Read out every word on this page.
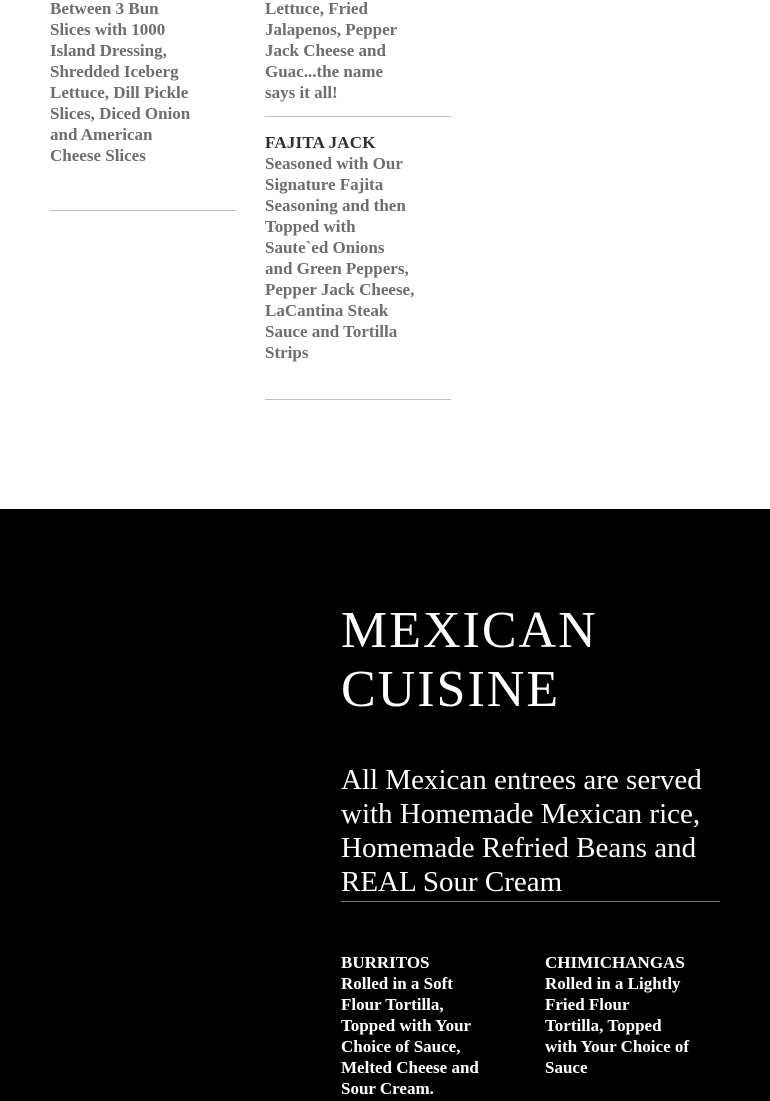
Between 3 Bun Slices with 1000 Island Dressing, Shredded Iceberg Lettuce, Dill Pickle Slices, Diced Onion and American Cheese Slices
Lettuce, Fried Jalapenos, Pepper Jack Cheese and Guac...the name says it all!
FAJITA JACK
Seasoned with Our Signature Fajita Seasoning and then Topped with Saute`ed Onions and Green Peppers, Pepper Jack Cheese, LaCantina Steak Sauce and Tortilla Strips
MEXICAN CUISINE

All Mexican entrees are served with Homemade Mexican rice, Homemade Refried Beans and REAL Sour Cream

BURRITOS
Rolled in a Soft Flour Tortilla, Topped with Your Choice of Sauce, Melted Cheese and Sour Cream.
CHIMICHANGAS
Rolled in a Lightly Fried Flour Tortilla, Topped with Your Choice of Sauce
